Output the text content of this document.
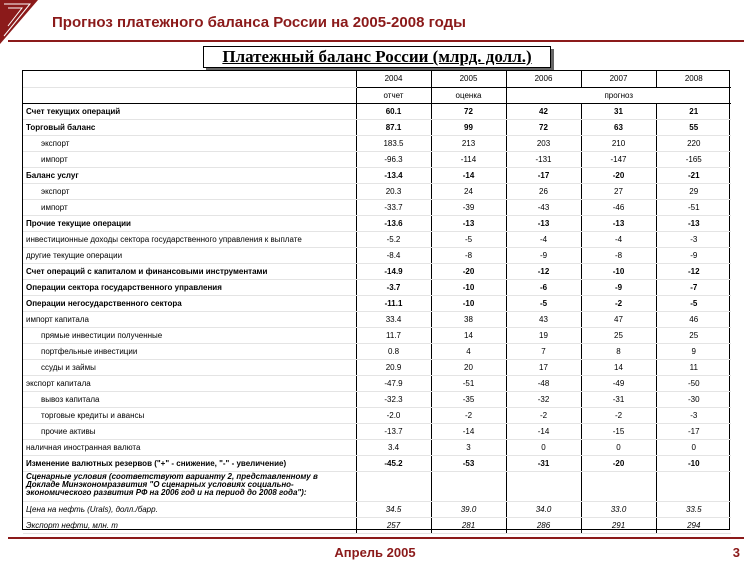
Прогноз платежного баланса России на 2005-2008 годы
Платежный баланс России (млрд. долл.)
	2004	2005	2006	2007	2008
	отчет	оценка	прогноз		
Счет текущих операций	60.1	72	42	31	21
Торговый баланс	87.1	99	72	63	55
экспорт	183.5	213	203	210	220
импорт	-96.3	-114	-131	-147	-165
Баланс услуг	-13.4	-14	-17	-20	-21
экспорт	20.3	24	26	27	29
импорт	-33.7	-39	-43	-46	-51
Прочие текущие операции	-13.6	-13	-13	-13	-13
инвестиционные доходы сектора государственного управления к выплате	-5.2	-5	-4	-4	-3
другие текущие операции	-8.4	-8	-9	-8	-9
Счет операций с капиталом и финансовыми инструментами	-14.9	-20	-12	-10	-12
Операции сектора государственного управления	-3.7	-10	-6	-9	-7
Операции негосударственного сектора	-11.1	-10	-5	-2	-5
импорт капитала	33.4	38	43	47	46
прямые инвестиции полученные	11.7	14	19	25	25
портфельные инвестиции	0.8	4	7	8	9
ссуды и займы	20.9	20	17	14	11
экспорт капитала	-47.9	-51	-48	-49	-50
вывоз капитала	-32.3	-35	-32	-31	-30
торговые кредиты и авансы	-2.0	-2	-2	-2	-3
прочие активы	-13.7	-14	-14	-15	-17
наличная иностранная валюта	3.4	3	0	0	0
Изменение валютных резервов ("+" - снижение, "-" - увеличение)	-45.2	-53	-31	-20	-10
Сценарные условия (соответствуют варианту 2, представленному в Докладе Минэкономразвития "О сценарных условиях социально-экономического развития РФ на 2006 год и на период до 2008 года"):					
Цена на нефть (Urals), долл./барр.	34.5	39.0	34.0	33.0	33.5
Экспорт нефти, млн. т	257	281	286	291	294
Апрель 2005	3
